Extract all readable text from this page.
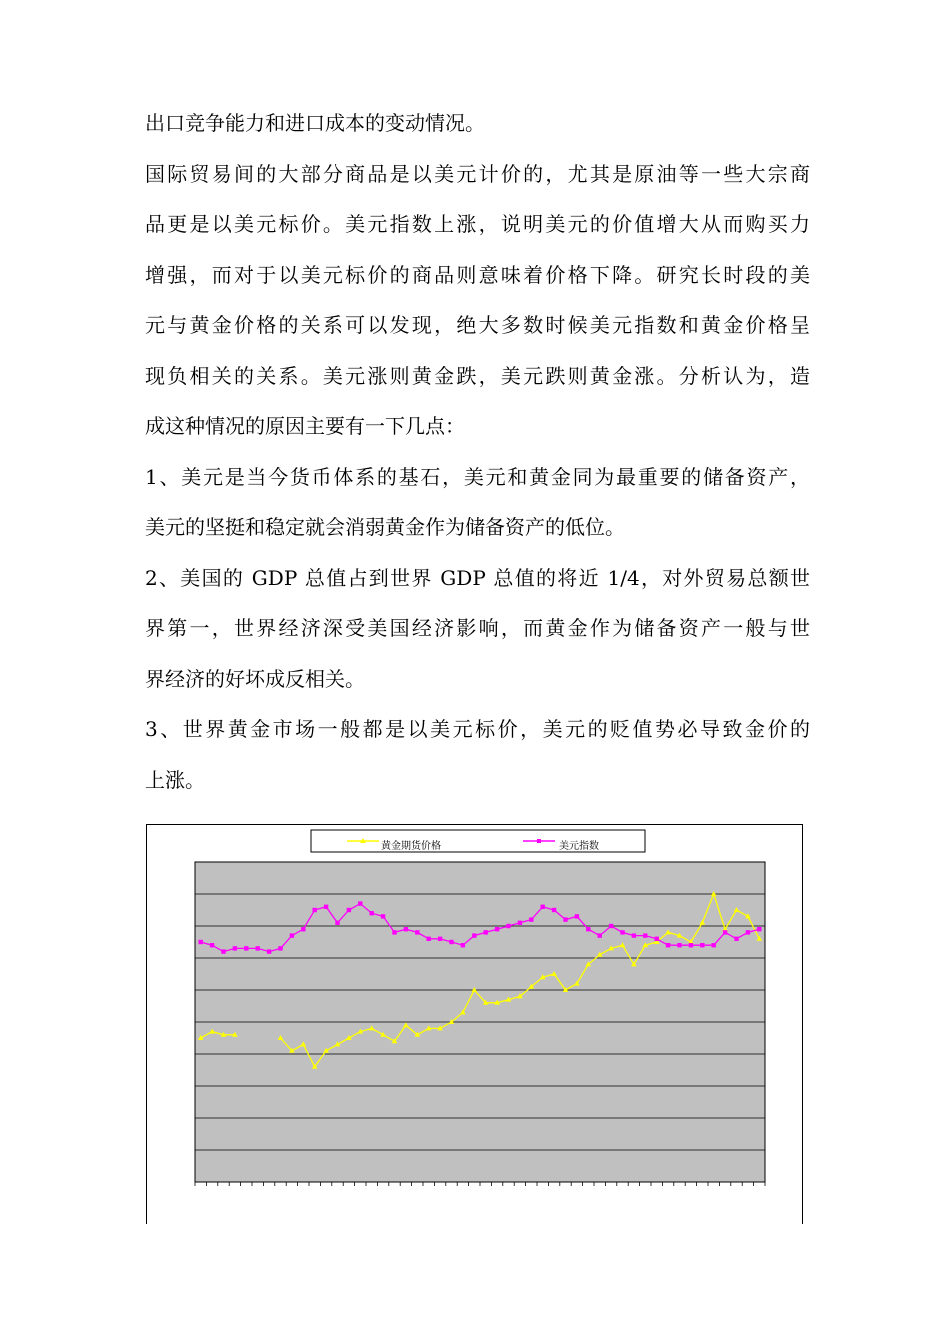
出口竞争能力和进口成本的变动情况。
国际贸易间的大部分商品是以美元计价的，尤其是原油等一些大宗商
品更是以美元标价。美元指数上涨，说明美元的价值增大从而购买力
增强，而对于以美元标价的商品则意味着价格下降。研究长时段的美
元与黄金价格的关系可以发现，绝大多数时候美元指数和黄金价格呈
现负相关的关系。美元涨则黄金跌，美元跌则黄金涨。分析认为，造
成这种情况的原因主要有一下几点：
1、美元是当今货币体系的基石，美元和黄金同为最重要的储备资产，
美元的坚挺和稳定就会消弱黄金作为储备资产的低位。
2、美国的 GDP 总值占到世界 GDP 总值的将近 1/4，对外贸易总额世
界第一，世界经济深受美国经济影响，而黄金作为储备资产一般与世
界经济的好坏成反相关。
3、世界黄金市场一般都是以美元标价，美元的贬值势必导致金价的
上涨。
黄金期货价格	美元指数
